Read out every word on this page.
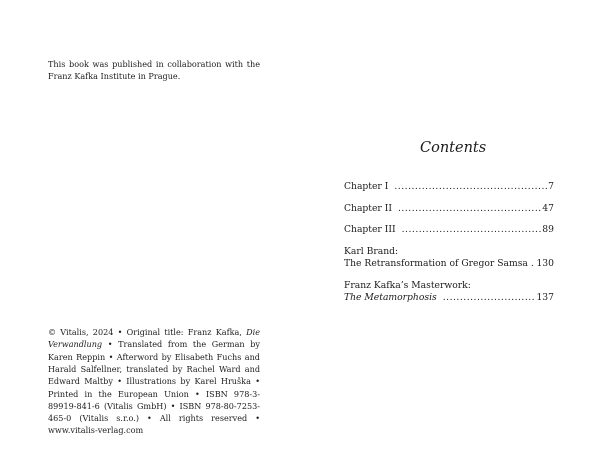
This book was published in collaboration with the Franz Kafka Institute in Prague.

© Vitalis, 2024 • Original title: Franz Kafka, Die Verwandlung • Translated from the German by Karen Reppin • Afterword by Elisabeth Fuchs and Harald Salfellner, translated by Rachel Ward and Edward Maltby • Illustrations by Karel Hruška • Printed in the European Union • ISBN 978-3-89919-841-6 (Vitalis GmbH) • ISBN 978-80-7253-465-0 (Vitalis s.r.o.) • All rights reserved • www.vitalis-verlag.com

Contents
Chapter I .....	7
Chapter II .....	47
Chapter III .....	89
Karl Brand:
The Retransformation of Gregor Samsa ..... 130
Franz Kafka’s Masterwork:
The Metamorphosis .....	137
